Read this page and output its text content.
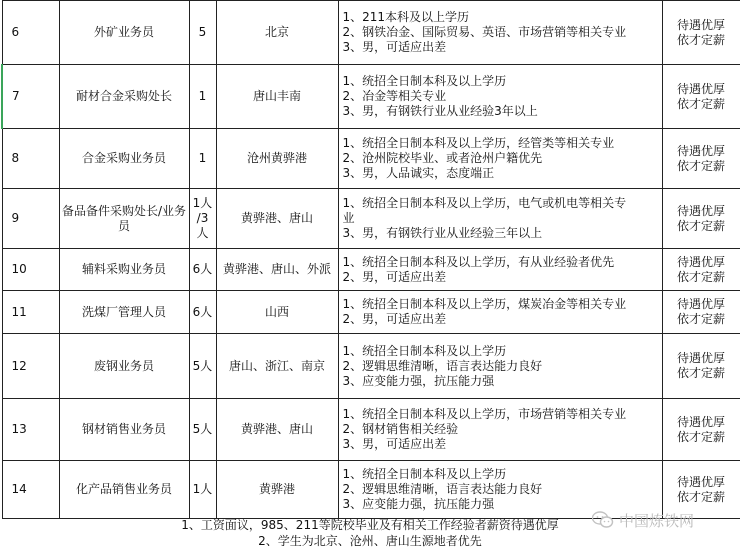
6	外矿业务员	5	北京	1、211本科及以上学历
2、钢铁冶金、国际贸易、英语、市场营销等相关专业
3、男，可适应出差	待遇优厚
依才定薪

7	耐材合金采购处长	1	唐山丰南	1、统招全日制本科及以上学历
2、冶金等相关专业
3、男，有钢铁行业从业经验3年以上	待遇优厚
依才定薪

8	合金采购业务员	1	沧州黄骅港	1、统招全日制本科及以上学历，经管类等相关专业
2、沧州院校毕业、或者沧州户籍优先
3、男，人品诚实，态度端正	待遇优厚
依才定薪

9	备品备件采购处长/业务
员	1人
/3
人	黄骅港、唐山	1、统招全日制本科及以上学历，电气或机电等相关专
业
3、男，有钢铁行业从业经验三年以上	待遇优厚
依才定薪

10	辅料采购业务员	6人	黄骅港、唐山、外派	1、统招全日制本科及以上学历，有从业经验者优先
2、男，可适应出差	待遇优厚
依才定薪

11	洗煤厂管理人员	6人	山西	1、统招全日制本科及以上学历，煤炭冶金等相关专业
2、男，可适应出差	待遇优厚
依才定薪

12	废钢业务员	5人	唐山、浙江、南京	1、统招全日制本科及以上学历
2、逻辑思维清晰，语言表达能力良好
3、应变能力强，抗压能力强	待遇优厚
依才定薪

13	钢材销售业务员	5人	黄骅港、唐山	1、统招全日制本科及以上学历，市场营销等相关专业
2、钢材销售相关经验
3、男，可适应出差	待遇优厚
依才定薪

14	化产品销售业务员	1人	黄骅港	1、统招全日制本科及以上学历
2、逻辑思维清晰，语言表达能力良好
3、应变能力强，抗压能力强	待遇优厚
依才定薪
1、工资面议，985、211等院校毕业及有相关工作经验者薪资待遇优厚
2、学生为北京、沧州、唐山生源地者优先
中国炼铁网
